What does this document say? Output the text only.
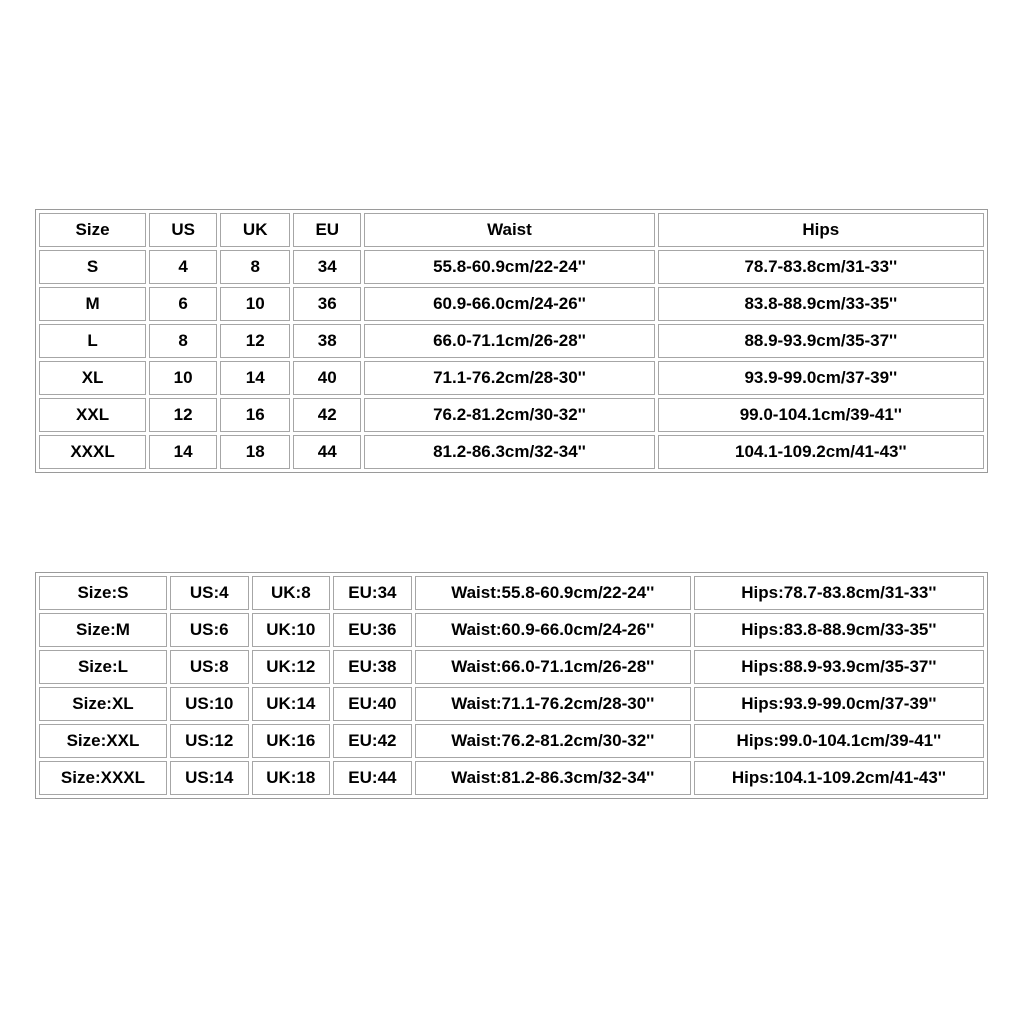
Size	US	UK	EU	Waist	Hips
S	4	8	34	55.8-60.9cm/22-24''	78.7-83.8cm/31-33''
M	6	10	36	60.9-66.0cm/24-26''	83.8-88.9cm/33-35''
L	8	12	38	66.0-71.1cm/26-28''	88.9-93.9cm/35-37''
XL	10	14	40	71.1-76.2cm/28-30''	93.9-99.0cm/37-39''
XXL	12	16	42	76.2-81.2cm/30-32''	99.0-104.1cm/39-41''
XXXL	14	18	44	81.2-86.3cm/32-34''	104.1-109.2cm/41-43''
Size:S	US:4	UK:8	EU:34	Waist:55.8-60.9cm/22-24''	Hips:78.7-83.8cm/31-33''
Size:M	US:6	UK:10	EU:36	Waist:60.9-66.0cm/24-26''	Hips:83.8-88.9cm/33-35''
Size:L	US:8	UK:12	EU:38	Waist:66.0-71.1cm/26-28''	Hips:88.9-93.9cm/35-37''
Size:XL	US:10	UK:14	EU:40	Waist:71.1-76.2cm/28-30''	Hips:93.9-99.0cm/37-39''
Size:XXL	US:12	UK:16	EU:42	Waist:76.2-81.2cm/30-32''	Hips:99.0-104.1cm/39-41''
Size:XXXL	US:14	UK:18	EU:44	Waist:81.2-86.3cm/32-34''	Hips:104.1-109.2cm/41-43''
